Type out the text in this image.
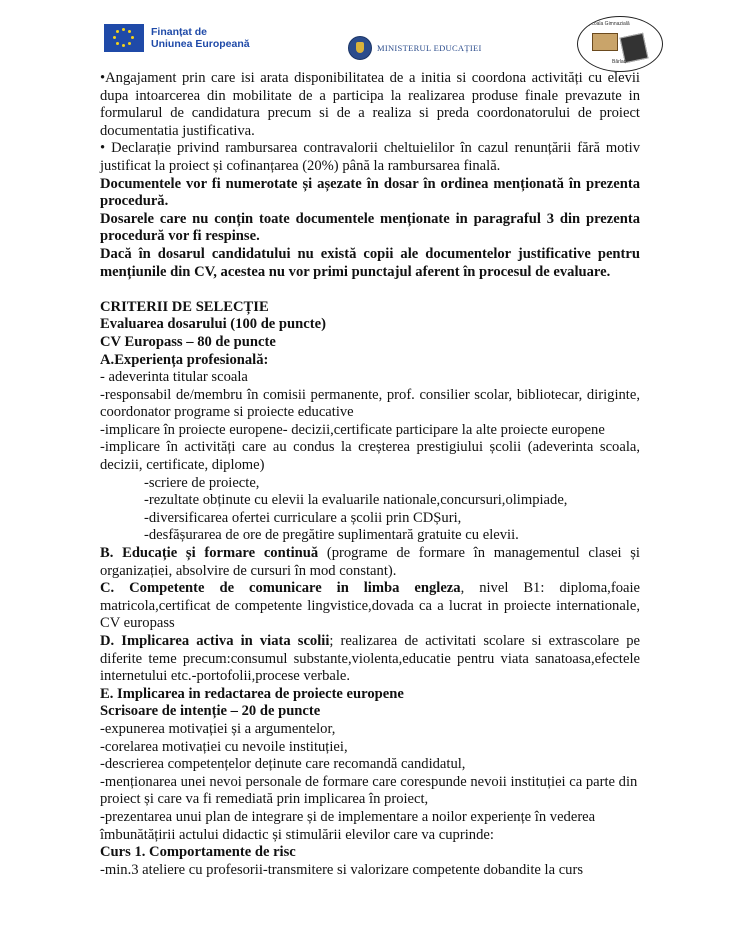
Finanțat de
Uniunea Europeană	MINISTERUL EDUCAȚIEI
Școala Gimnazială
Bârlad

•Angajament prin care isi arata disponibilitatea de a initia si coordona activități cu elevii dupa intoarcerea din mobilitate de a participa la realizarea produse finale prevazute in formularul de candidatura precum si de a realiza si preda coordonatorului de proiect documentatia justificativa.

• Declarație privind rambursarea contravalorii cheltuielilor în cazul renunțării fără motiv justificat la proiect și cofinanțarea (20%) până la rambursarea finală.

Documentele vor fi numerotate și așezate în dosar în ordinea menționată în prezenta procedură.

Dosarele care nu conțin toate documentele menționate in paragraful 3 din prezenta procedură vor fi respinse.

Dacă în dosarul candidatului nu există copii ale documentelor justificative pentru mențiunile din CV, acestea nu vor primi punctajul aferent în procesul de evaluare.

CRITERII DE SELECȚIE

Evaluarea dosarului (100 de puncte)

CV Europass – 80 de puncte

A.Experiența profesională:

- adeverinta titular scoala

-responsabil de/membru în comisii permanente, prof. consilier scolar, bibliotecar, diriginte, coordonator programe si proiecte educative

-implicare în proiecte europene- decizii,certificate participare la alte proiecte europene

-implicare în activități care au condus la creșterea prestigiului școlii (adeverinta scoala, decizii, certificate, diplome)

-scriere de proiecte,

-rezultate obținute cu elevii la evaluarile nationale,concursuri,olimpiade,

-diversificarea ofertei curriculare a școlii prin CDȘuri,

-desfășurarea de ore de pregătire suplimentară gratuite cu elevii.

B. Educație și formare continuă (programe de formare în managementul clasei și organizației, absolvire de cursuri în mod constant).

C. Competente de comunicare in limba engleza, nivel B1: diploma,foaie matricola,certificat de competente lingvistice,dovada ca a lucrat in proiecte internationale, CV europass

D. Implicarea activa in viata scolii; realizarea de activitati scolare si extrascolare pe diferite teme precum:consumul substante,violenta,educatie pentru viata sanatoasa,efectele internetului etc.-portofolii,procese verbale.

E. Implicarea in redactarea de proiecte europene

Scrisoare de intenție – 20 de puncte

-expunerea motivației și a argumentelor,

-corelarea motivației cu nevoile instituției,

-descrierea competențelor deținute care recomandă candidatul,

-menționarea unei nevoi personale de formare care corespunde nevoii instituției ca parte din

proiect și care va fi remediată prin implicarea în proiect,

-prezentarea unui plan de integrare și de implementare a noilor experiențe în vederea

îmbunătățirii actului didactic și stimulării elevilor care va cuprinde:

Curs 1. Comportamente de risc

-min.3 ateliere cu profesorii-transmitere si valorizare competente dobandite la curs
